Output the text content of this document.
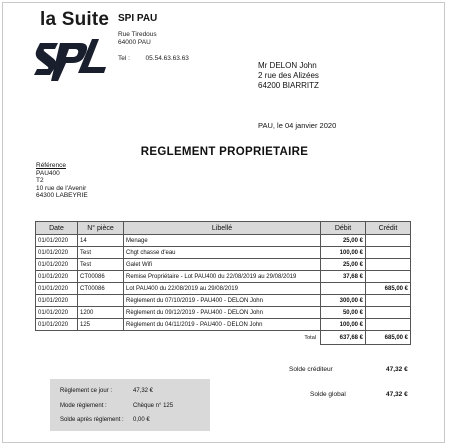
la Suite SPI PAU
Rue Tiredous
64000 PAU
Tel : 05.54.63.63.63
Mr DELON John
2 rue des Alizées
64200 BIARRITZ
PAU, le 04 janvier 2020
REGLEMENT PROPRIETAIRE
Référence
PAU400
T2
10 rue de l'Avenir
64300 LABEYRIE
Date	N° pièce	Libellé	Débit	Crédit
01/01/2020	14	Menage	25,00 €	
01/01/2020	Test	Chgt chasse d'eau	100,00 €	
01/01/2020	Test	Galet Wifi	25,00 €	
01/01/2020	CT00086	Remise Propriétaire - Lot PAU400 du 22/08/2019 au 29/08/2019	37,68 €	
01/01/2020	CT00086	Lot PAU400 du 22/08/2019 au 29/08/2019		685,00 €
01/01/2020		Règlement du 07/10/2019 - PAU400 - DELON John	300,00 €	
01/01/2020	1200	Règlement du 09/12/2019 - PAU400 - DELON John	50,00 €	
01/01/2020	125	Règlement du 04/11/2019 - PAU400 - DELON John	100,00 €	
		Total	637,68 €	685,00 €
Solde créditeur	47,32 €
Solde global	47,32 €
Règlement ce jour :	47,32 €
Mode règlement :	Chèque n° 125
Solde après règlement : 0,00 €
